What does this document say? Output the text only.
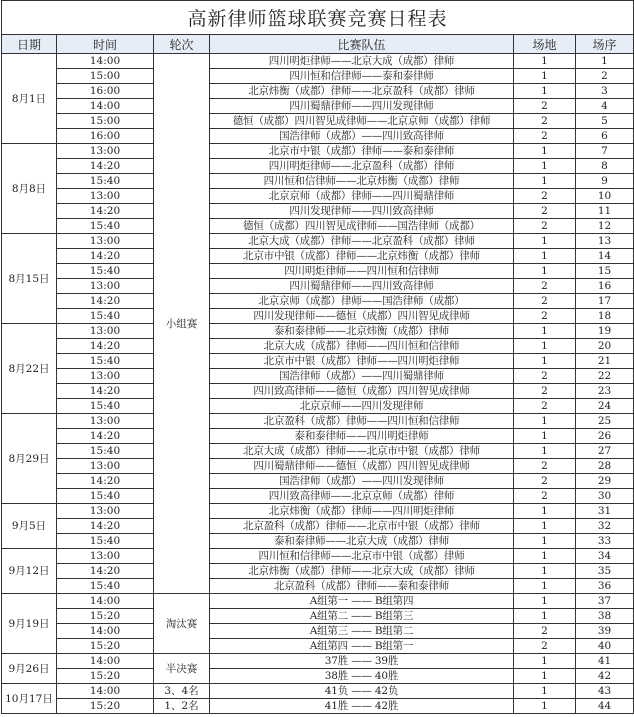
高新律师篮球联赛竞赛日程表					
日期	时间	轮次	比赛队伍	场地	场序
8月1日	14:00	小组赛	四川明炬律师——北京大成（成都）律师	1	1
	15:00		四川恒和信律师——泰和泰律师	1	2
	16:00		北京炜衡（成都）律师——北京盈科（成都）律师	1	3
	14:00		四川蜀鼎律师——四川发现律师	2	4
	15:00		德恒（成都）四川智见成律师——北京京师（成都）律师	2	5
	16:00		国浩律师（成都）——四川致高律师	2	6
8月8日	13:00		北京市中银（成都）律师——泰和泰律师	1	7
	14:20		四川明炬律师——北京盈科（成都）律师	1	8
	15:40		四川恒和信律师——北京炜衡（成都）律师	1	9
	13:00		北京京师（成都）律师——四川蜀鼎律师	2	10
	14:20		四川发现律师——四川致高律师	2	11
	15:40		德恒（成都）四川智见成律师——国浩律师（成都）	2	12
8月15日	13:00		北京大成（成都）律师——北京盈科（成都）律师	1	13
	14:20		北京市中银（成都）律师——北京炜衡（成都）律师	1	14
	15:40		四川明炬律师——四川恒和信律师	1	15
	13:00		四川蜀鼎律师——四川致高律师	2	16
	14:20		北京京师（成都）律师——国浩律师（成都）	2	17
	15:40		四川发现律师——德恒（成都）四川智见成律师	2	18
8月22日	13:00		泰和泰律师——北京炜衡（成都）律师	1	19
	14:20		北京大成（成都）律师——四川恒和信律师	1	20
	15:40		北京市中银（成都）律师——四川明炬律师	1	21
	13:00		国浩律师（成都）——四川蜀鼎律师	2	22
	14:20		四川致高律师——德恒（成都）四川智见成律师	2	23
	15:40		北京京师——四川发现律师	2	24
8月29日	13:00		北京盈科（成都）律师——四川恒和信律师	1	25
	14:20		泰和泰律师——四川明炬律师	1	26
	15:40		北京大成（成都）律师——北京市中银（成都）律师	1	27
	13:00		四川蜀鼎律师——德恒（成都）四川智见成律师	2	28
	14:20		国浩律师（成都）——四川发现律师	2	29
	15:40		四川致高律师——北京京师（成都）律师	2	30
9月5日	13:00		北京炜衡（成都）律师——四川明炬律师	1	31
	14:20		北京盈科（成都）律师——北京市中银（成都）律师	1	32
	15:40		泰和泰律师——北京大成（成都）律师	1	33
9月12日	13:00		四川恒和信律师——北京市中银（成都）律师	1	34
	14:20		北京炜衡（成都）律师——北京大成（成都）律师	1	35
	15:40		北京盈科（成都）律师——泰和泰律师	1	36
9月19日	14:00	淘汰赛	A组第一 —— B组第四	1	37
	15:20		A组第二 —— B组第三	1	38
	14:00		A组第三 —— B组第二	2	39
	15:20		A组第四 —— B组第一	2	40
9月26日	14:00	半决赛	37胜 —— 39胜	1	41
	15:20		38胜 —— 40胜	1	42
10月17日	14:00	3、4名	41负 —— 42负	1	43
	15:20	1、2名	41胜 —— 42胜	1	44
